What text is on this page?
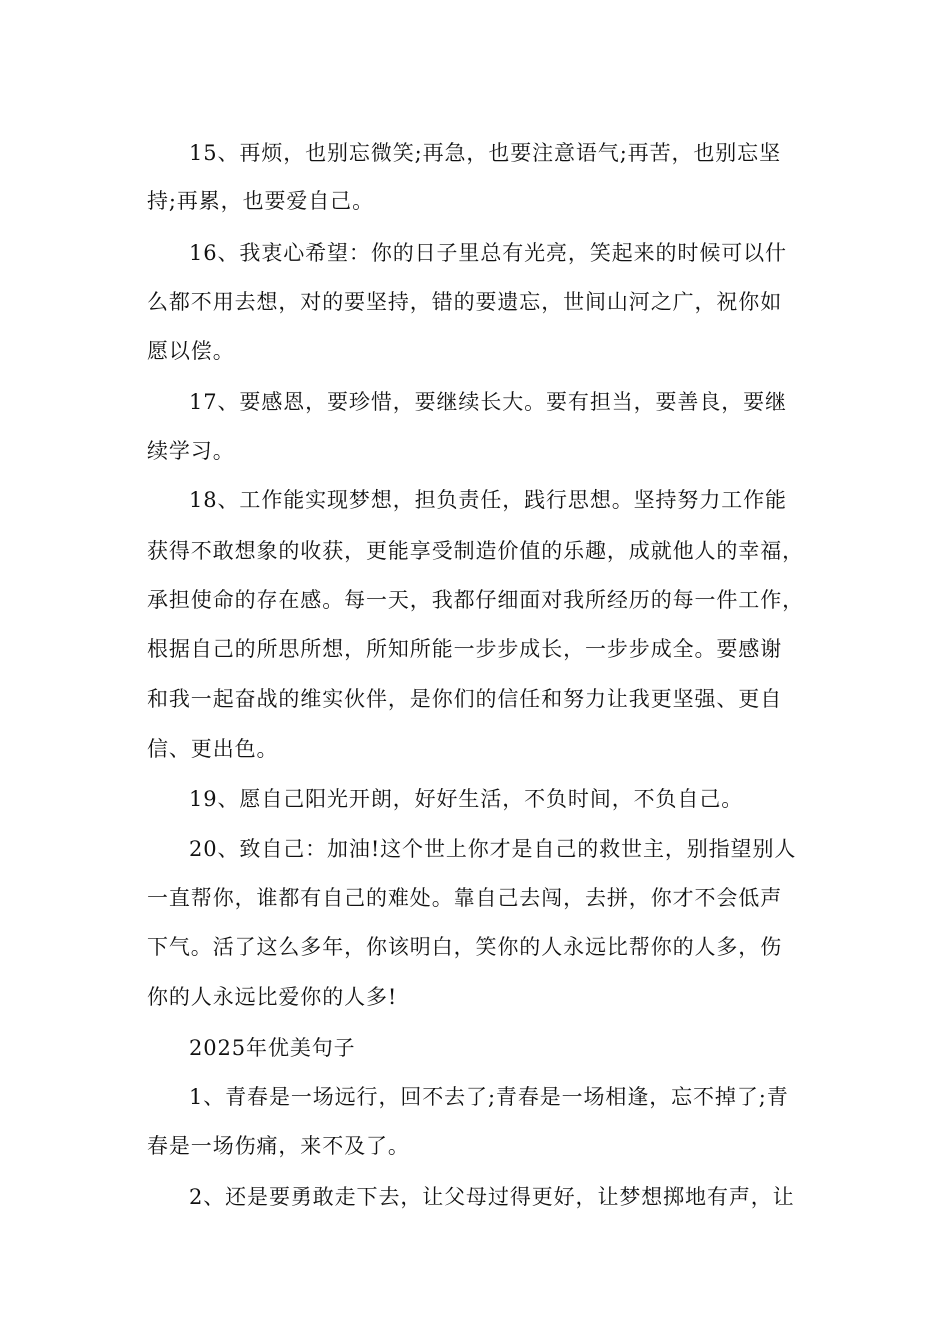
15、再烦，也别忘微笑;再急，也要注意语气;再苦，也别忘坚
持;再累，也要爱自己。
16、我衷心希望：你的日子里总有光亮，笑起来的时候可以什
么都不用去想，对的要坚持，错的要遗忘，世间山河之广，祝你如
愿以偿。
17、要感恩，要珍惜，要继续长大。要有担当，要善良，要继
续学习。
18、工作能实现梦想，担负责任，践行思想。坚持努力工作能
获得不敢想象的收获，更能享受制造价值的乐趣，成就他人的幸福，
承担使命的存在感。每一天，我都仔细面对我所经历的每一件工作，
根据自己的所思所想，所知所能一步步成长，一步步成全。要感谢
和我一起奋战的维实伙伴，是你们的信任和努力让我更坚强、更自
信、更出色。
19、愿自己阳光开朗，好好生活，不负时间，不负自己。
20、致自己：加油!这个世上你才是自己的救世主，别指望别人
一直帮你，谁都有自己的难处。靠自己去闯，去拼，你才不会低声
下气。活了这么多年，你该明白，笑你的人永远比帮你的人多，伤
你的人永远比爱你的人多!
2025年优美句子
1、青春是一场远行，回不去了;青春是一场相逢，忘不掉了;青
春是一场伤痛，来不及了。
2、还是要勇敢走下去，让父母过得更好，让梦想掷地有声，让
